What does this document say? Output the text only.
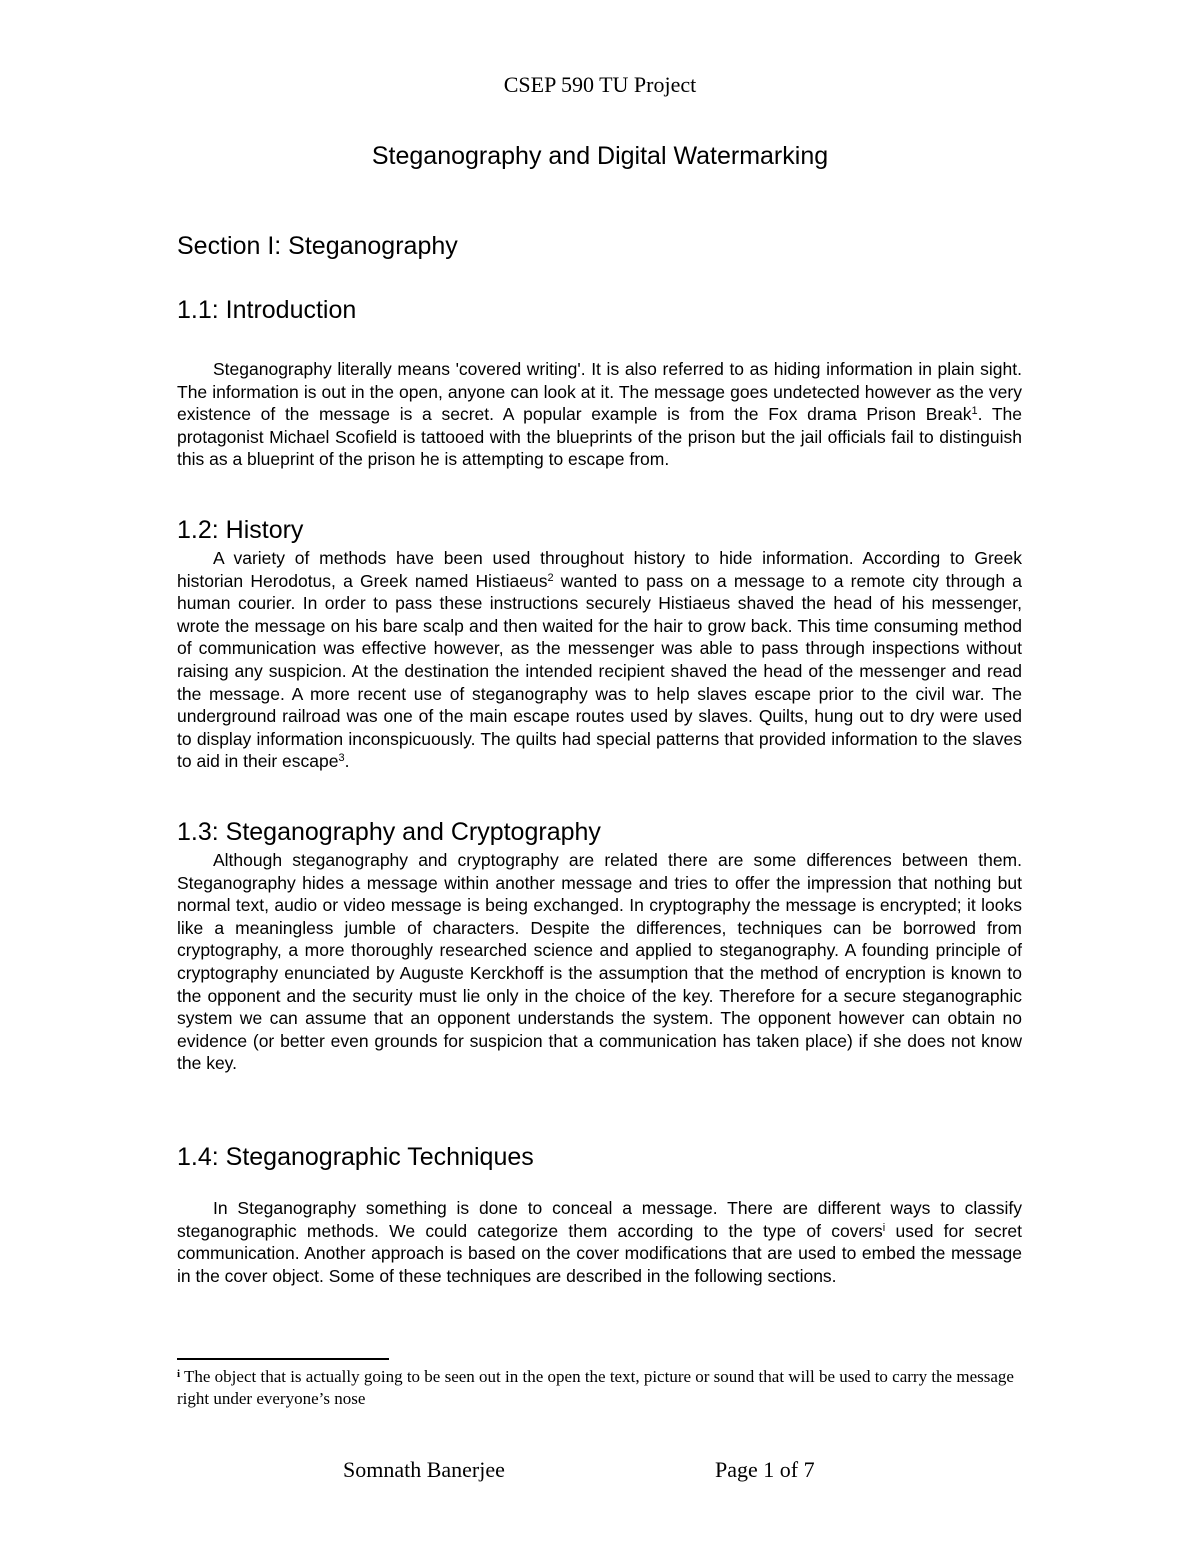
CSEP 590 TU Project
Steganography and Digital Watermarking
Section I: Steganography
1.1: Introduction

Steganography literally means 'covered writing'. It is also referred to as hiding information in plain sight. The information is out in the open, anyone can look at it. The message goes undetected however as the very existence of the message is a secret. A popular example is from the Fox drama Prison Break$^1$. The protagonist Michael Scofield is tattooed with the blueprints of the prison but the jail officials fail to distinguish this as a blueprint of the prison he is attempting to escape from.

1.2: History

A variety of methods have been used throughout history to hide information. According to Greek historian Herodotus, a Greek named Histiaeus$^2$ wanted to pass on a message to a remote city through a human courier. In order to pass these instructions securely Histiaeus shaved the head of his messenger, wrote the message on his bare scalp and then waited for the hair to grow back. This time consuming method of communication was effective however, as the messenger was able to pass through inspections without raising any suspicion. At the destination the intended recipient shaved the head of the messenger and read the message. A more recent use of steganography was to help slaves escape prior to the civil war. The underground railroad was one of the main escape routes used by slaves. Quilts, hung out to dry were used to display information inconspicuously. The quilts had special patterns that provided information to the slaves to aid in their escape$^3$.

1.3: Steganography and Cryptography

Although steganography and cryptography are related there are some differences between them. Steganography hides a message within another message and tries to offer the impression that nothing but normal text, audio or video message is being exchanged. In cryptography the message is encrypted; it looks like a meaningless jumble of characters. Despite the differences, techniques can be borrowed from cryptography, a more thoroughly researched science and applied to steganography. A founding principle of cryptography enunciated by Auguste Kerckhoff is the assumption that the method of encryption is known to the opponent and the security must lie only in the choice of the key. Therefore for a secure steganographic system we can assume that an opponent understands the system. The opponent however can obtain no evidence (or better even grounds for suspicion that a communication has taken place) if she does not know the key.

1.4: Steganographic Techniques

In Steganography something is done to conceal a message. There are different ways to classify steganographic methods. We could categorize them according to the type of covers$^i$ used for secret communication. Another approach is based on the cover modifications that are used to embed the message in the cover object. Some of these techniques are described in the following sections.

$^i$ The object that is actually going to be seen out in the open the text, picture or sound that will be used to carry the message right under everyone’s nose
Somnath Banerjee	Page 1 of 7
